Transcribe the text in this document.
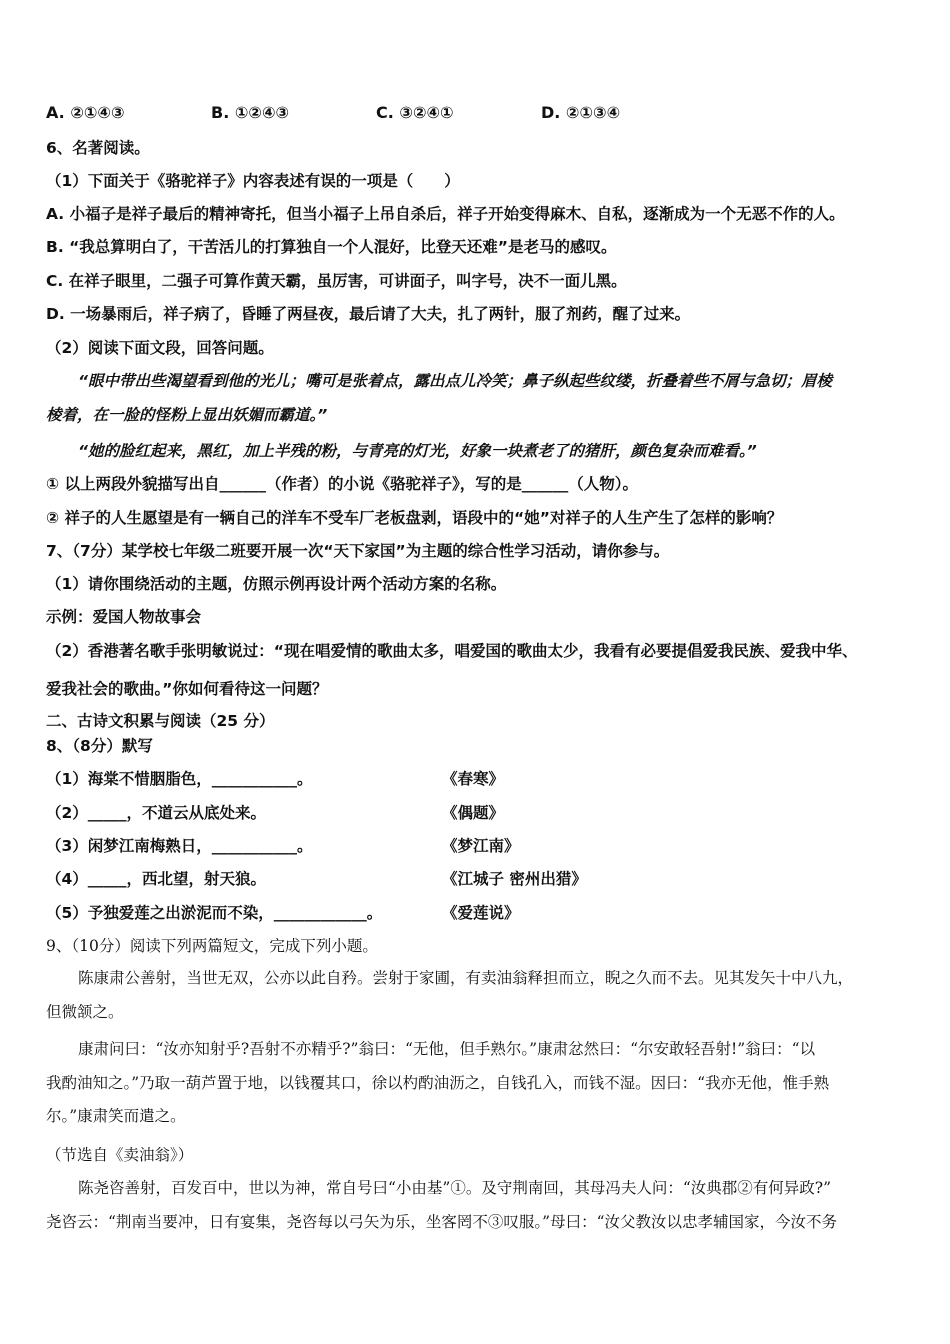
A. ②①④③	B. ①②④③	C. ③②④①	D. ②①③④
6、名著阅读。
（1）下面关于《骆驼祥子》内容表述有误的一项是（　　）
A. 小福子是祥子最后的精神寄托，但当小福子上吊自杀后，祥子开始变得麻木、自私，逐渐成为一个无恶不作的人。
B. “我总算明白了，干苦活儿的打算独自一个人混好，比登天还难”是老马的感叹。
C. 在祥子眼里，二强子可算作黄天霸，虽厉害，可讲面子，叫字号，决不一面儿黑。
D. 一场暴雨后，祥子病了，昏睡了两昼夜，最后请了大夫，扎了两针，服了剂药，醒了过来。
（2）阅读下面文段，回答问题。
“眼中带出些渴望看到他的光儿；嘴可是张着点，露出点儿冷笑；鼻子纵起些纹缕，折叠着些不屑与急切；眉棱
棱着，在一脸的怪粉上显出妖媚而霸道。”
“她的脸红起来，黑红，加上半残的粉，与青亮的灯光，好象一块煮老了的猪肝，颜色复杂而难看。”
① 以上两段外貌描写出自______（作者）的小说《骆驼祥子》，写的是______（人物）。
② 祥子的人生愿望是有一辆自己的洋车不受车厂老板盘剥，语段中的“她”对祥子的人生产生了怎样的影响？
7、（7分）某学校七年级二班要开展一次“天下家国”为主题的综合性学习活动，请你参与。
（1）请你围绕活动的主题，仿照示例再设计两个活动方案的名称。
示例：爱国人物故事会
（2）香港著名歌手张明敏说过：“现在唱爱情的歌曲太多，唱爱国的歌曲太少，我看有必要提倡爱我民族、爱我中华、
爱我社会的歌曲。”你如何看待这一问题？
二、古诗文积累与阅读（25 分）
8、（8分）默写
（1）海棠不惜胭脂色，___________。	《春寒》
（2）_____，不道云从底处来。	《偶题》
（3）闲梦江南梅熟日，___________。	《梦江南》
（4）_____，西北望，射天狼。	《江城子 密州出猎》
（5）予独爱莲之出淤泥而不染，____________。	《爱莲说》
9、（10分）阅读下列两篇短文，完成下列小题。
陈康肃公善射，当世无双，公亦以此自矜。尝射于家圃，有卖油翁释担而立，睨之久而不去。见其发矢十中八九，
但微颔之。
康肃问曰：“汝亦知射乎?吾射不亦精乎?”翁曰：“无他，但手熟尔。”康肃忿然曰：“尔安敢轻吾射!”翁曰：“以
我酌油知之。”乃取一葫芦置于地，以钱覆其口，徐以杓酌油沥之，自钱孔入，而钱不湿。因曰：“我亦无他，惟手熟
尔。”康肃笑而遣之。
（节选自《卖油翁》）
陈尧咨善射，百发百中，世以为神，常自号曰“小由基”①。及守荆南回，其母冯夫人问：“汝典郡②有何异政?”
尧咨云：“荆南当要冲，日有宴集，尧咨每以弓矢为乐，坐客罔不③叹服。”母曰：“汝父教汝以忠孝辅国家，今汝不务
